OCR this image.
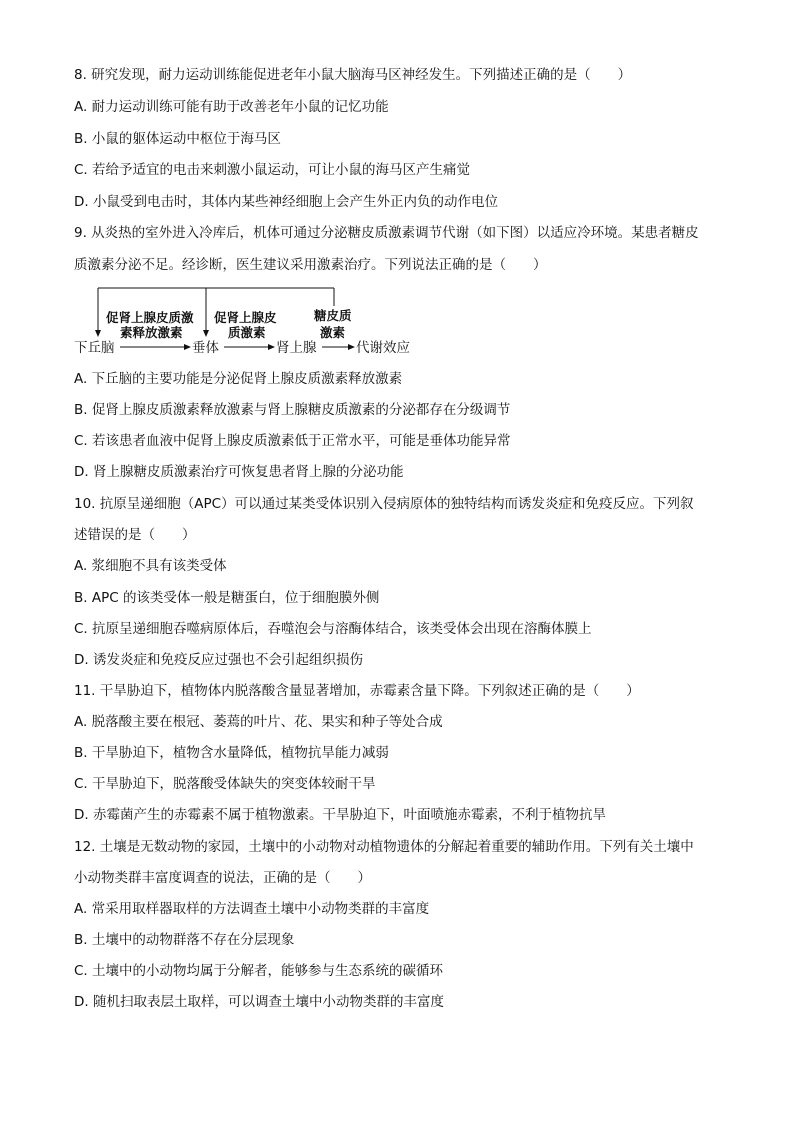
8. 研究发现，耐力运动训练能促进老年小鼠大脑海马区神经发生。下列描述正确的是（　　）
A. 耐力运动训练可能有助于改善老年小鼠的记忆功能
B. 小鼠的躯体运动中枢位于海马区
C. 若给予适宜的电击来刺激小鼠运动，可让小鼠的海马区产生痛觉
D. 小鼠受到电击时，其体内某些神经细胞上会产生外正内负的动作电位
9. 从炎热的室外进入冷库后，机体可通过分泌糖皮质激素调节代谢（如下图）以适应冷环境。某患者糖皮
质激素分泌不足。经诊断，医生建议采用激素治疗。下列说法正确的是（　　）
促肾上腺皮质激
素释放激素
促肾上腺皮
质激素
糖皮质
激素
下丘脑	垂体	肾上腺	代谢效应
A. 下丘脑的主要功能是分泌促肾上腺皮质激素释放激素
B. 促肾上腺皮质激素释放激素与肾上腺糖皮质激素的分泌都存在分级调节
C. 若该患者血液中促肾上腺皮质激素低于正常水平，可能是垂体功能异常
D. 肾上腺糖皮质激素治疗可恢复患者肾上腺的分泌功能
10. 抗原呈递细胞（APC）可以通过某类受体识别入侵病原体的独特结构而诱发炎症和免疫反应。下列叙
述错误的是（　　）
A. 浆细胞不具有该类受体
B. APC 的该类受体一般是糖蛋白，位于细胞膜外侧
C. 抗原呈递细胞吞噬病原体后，吞噬泡会与溶酶体结合，该类受体会出现在溶酶体膜上
D. 诱发炎症和免疫反应过强也不会引起组织损伤
11. 干旱胁迫下，植物体内脱落酸含量显著增加，赤霉素含量下降。下列叙述正确的是（　　）
A. 脱落酸主要在根冠、萎蔫的叶片、花、果实和种子等处合成
B. 干旱胁迫下，植物含水量降低，植物抗旱能力减弱
C. 干旱胁迫下，脱落酸受体缺失的突变体较耐干旱
D. 赤霉菌产生的赤霉素不属于植物激素。干旱胁迫下，叶面喷施赤霉素，不利于植物抗旱
12. 土壤是无数动物的家园，土壤中的小动物对动植物遗体的分解起着重要的辅助作用。下列有关土壤中
小动物类群丰富度调查的说法，正确的是（　　）
A. 常采用取样器取样的方法调查土壤中小动物类群的丰富度
B. 土壤中的动物群落不存在分层现象
C. 土壤中的小动物均属于分解者，能够参与生态系统的碳循环
D. 随机扫取表层土取样，可以调查土壤中小动物类群的丰富度
